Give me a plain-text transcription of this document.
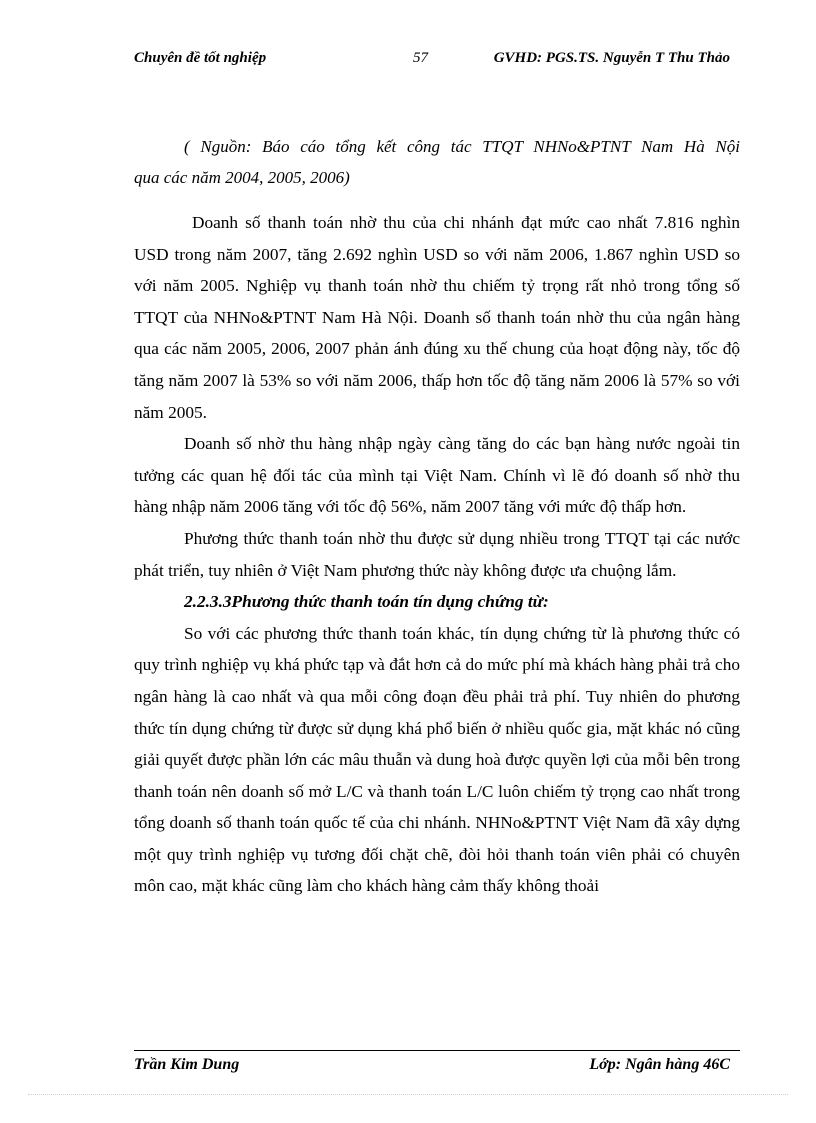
Chuyên đề tốt nghiệp	57	GVHD: PGS.TS. Nguyễn T Thu Thảo
( Nguồn: Báo cáo tổng kết công tác TTQT NHNo&PTNT Nam Hà Nội
qua các năm 2004, 2005, 2006)

Doanh số thanh toán nhờ thu của chi nhánh đạt mức cao nhất 7.816 nghìn USD trong năm 2007, tăng 2.692 nghìn USD so với năm 2006, 1.867 nghìn USD so với năm 2005. Nghiệp vụ thanh toán nhờ thu chiếm tỷ trọng rất nhỏ trong tổng số TTQT của NHNo&PTNT Nam Hà Nội. Doanh số thanh toán nhờ thu của ngân hàng qua các năm 2005, 2006, 2007 phản ánh đúng xu thế chung của hoạt động này, tốc độ tăng năm 2007 là 53% so với năm 2006, thấp hơn tốc độ tăng năm 2006 là 57% so với năm 2005.

Doanh số nhờ thu hàng nhập ngày càng tăng do các bạn hàng nước ngoài tin tưởng các quan hệ đối tác của mình tại Việt Nam. Chính vì lẽ đó doanh số nhờ thu hàng nhập năm 2006 tăng với tốc độ 56%, năm 2007 tăng với mức độ thấp hơn.

Phương thức thanh toán nhờ thu được sử dụng nhiều trong TTQT tại các nước phát triển, tuy nhiên ở Việt Nam phương thức này không được ưa chuộng lắm.

2.2.3.3Phương thức thanh toán tín dụng chứng từ:

So với các phương thức thanh toán khác, tín dụng chứng từ là phương thức có quy trình nghiệp vụ khá phức tạp và đắt hơn cả do mức phí mà khách hàng phải trả cho ngân hàng là cao nhất và qua mỗi công đoạn đều phải trả phí. Tuy nhiên do phương thức tín dụng chứng từ được sử dụng khá phổ biến ở nhiều quốc gia, mặt khác nó cũng giải quyết được phần lớn các mâu thuẫn và dung hoà được quyền lợi của mỗi bên trong thanh toán nên doanh số mở L/C và thanh toán L/C luôn chiếm tỷ trọng cao nhất trong tổng doanh số thanh toán quốc tế của chi nhánh. NHNo&PTNT Việt Nam đã xây dựng một quy trình nghiệp vụ tương đối chặt chẽ, đòi hỏi thanh toán viên phải có chuyên môn cao, mặt khác cũng làm cho khách hàng cảm thấy không thoải

Trần Kim Dung	Lớp: Ngân hàng 46C
